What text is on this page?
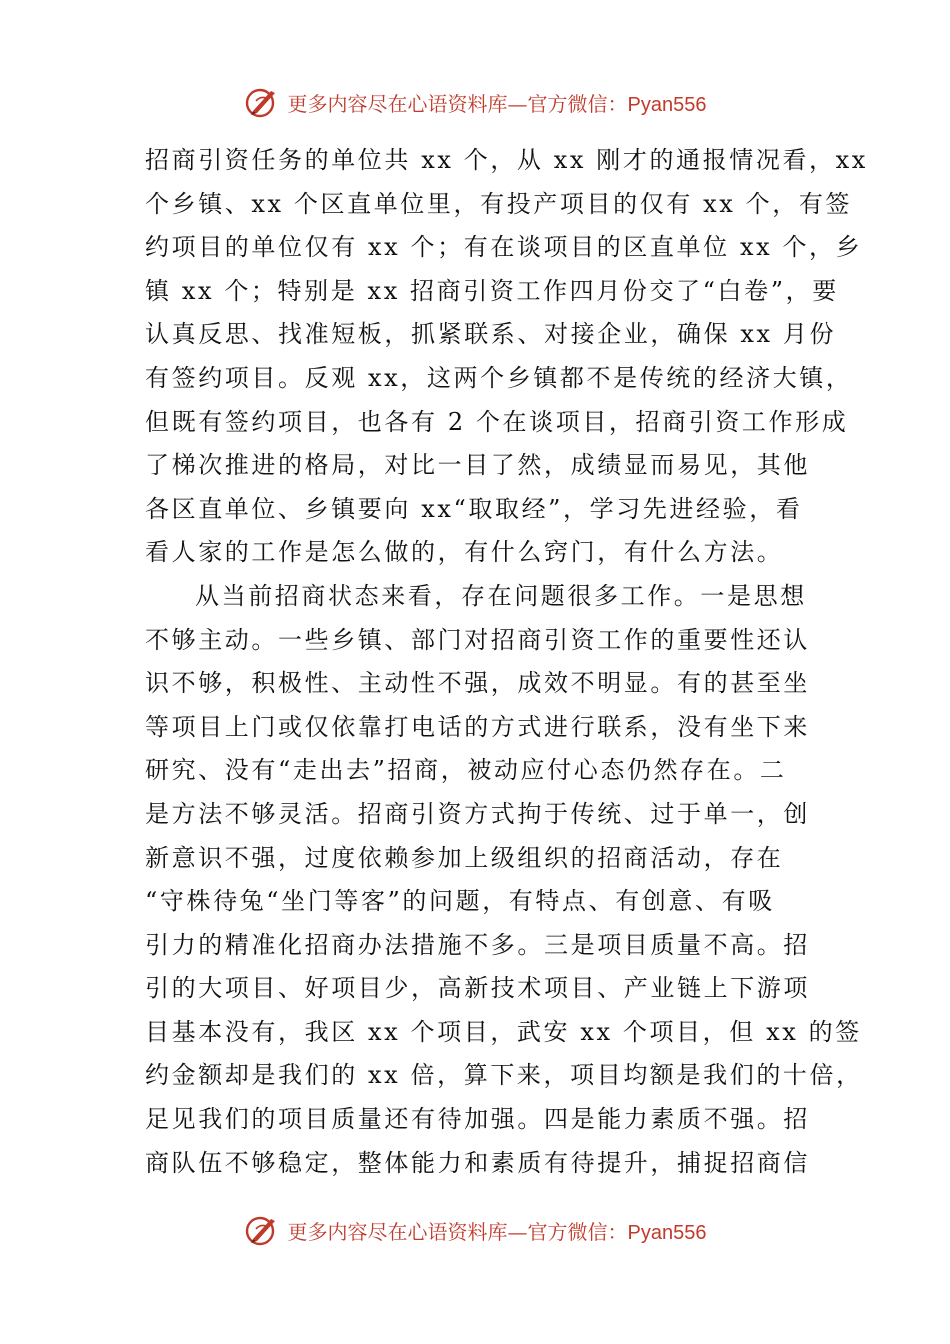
更多内容尽在心语资料库—官方微信：Pyan556
招商引资任务的单位共 xx 个，从 xx 刚才的通报情况看，xx
个乡镇、xx 个区直单位里，有投产项目的仅有 xx 个，有签
约项目的单位仅有 xx 个；有在谈项目的区直单位 xx 个，乡
镇 xx 个；特别是 xx 招商引资工作四月份交了“白卷”，要
认真反思、找准短板，抓紧联系、对接企业，确保 xx 月份
有签约项目。反观 xx，这两个乡镇都不是传统的经济大镇，
但既有签约项目，也各有 2 个在谈项目，招商引资工作形成
了梯次推进的格局，对比一目了然，成绩显而易见，其他
各区直单位、乡镇要向 xx“取取经”，学习先进经验，看
看人家的工作是怎么做的，有什么窍门，有什么方法。
从当前招商状态来看，存在问题很多工作。一是思想
不够主动。一些乡镇、部门对招商引资工作的重要性还认
识不够，积极性、主动性不强，成效不明显。有的甚至坐
等项目上门或仅依靠打电话的方式进行联系，没有坐下来
研究、没有“走出去”招商，被动应付心态仍然存在。二
是方法不够灵活。招商引资方式拘于传统、过于单一，创
新意识不强，过度依赖参加上级组织的招商活动，存在
“守株待兔“坐门等客”的问题，有特点、有创意、有吸
引力的精准化招商办法措施不多。三是项目质量不高。招
引的大项目、好项目少，高新技术项目、产业链上下游项
目基本没有，我区 xx 个项目，武安 xx 个项目，但 xx 的签
约金额却是我们的 xx 倍，算下来，项目均额是我们的十倍，
足见我们的项目质量还有待加强。四是能力素质不强。招
商队伍不够稳定，整体能力和素质有待提升，捕捉招商信
更多内容尽在心语资料库—官方微信：Pyan556
